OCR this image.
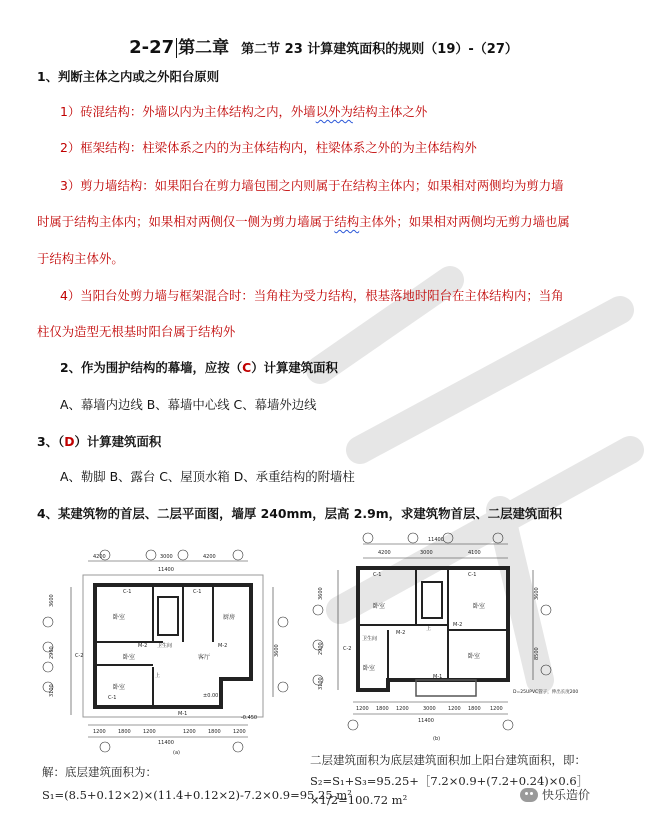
2-27 第二章 第二节 23 计算建筑面积的规则（19）-（27）
1、判断主体之内或之外阳台原则
1）砖混结构：外墙以内为主体结构之内，外墙以外为结构主体之外
2）框架结构：柱梁体系之内的为主体结构内，柱梁体系之外的为主体结构外
3）剪力墙结构：如果阳台在剪力墙包围之内则属于在结构主体内；如果相对两侧均为剪力墙
时属于结构主体内；如果相对两侧仅一侧为剪力墙属于结构主体外；如果相对两侧均无剪力墙也属
于结构主体外。
4）当阳台处剪力墙与框架混合时：当角柱为受力结构，根基落地时阳台在主体结构内；当角
柱仅为造型无根基时阳台属于结构外
2、作为围护结构的幕墙，应按（C）计算建筑面积
A、幕墙内边线 B、幕墙中心线 C、幕墙外边线
3、（D）计算建筑面积
A、勒脚 B、露台 C、屋顶水箱 D、承重结构的附墙柱
4、某建筑物的首层、二层平面图，墙厚 240mm，层高 2.9m，求建筑物首层、二层建筑面积
4200	3000	4200
11400
卧室
卧室
厨房
客厅
卧室
卫生间
C-1	C-1
C-1
C-2
M-1
M-2	M-2
上
±0.00
-0.450
3600
2900
3100
3600
1200 1800 1200	1200 1800 1200
11400
(a)
11400
4200	3000	4100
卧室	卧室
卧室
卧室
卫生间
C-1	C-1
C-2
M-2
M-2
M-1
上
3600
2900
3100
3600
8500
1200 1800 1200	3000 1200 1800 1200
11400
D=25UPVC管子，伸出长度200
(b)
解：底层建筑面积为：
S₁=(8.5+0.12×2)×(11.4+0.12×2)-7.2×0.9=95.25 m²
二层建筑面积为底层建筑面积加上阳台建筑面积，即：
S₂=S₁+S₃=95.25+［7.2×0.9+(7.2+0.24)×0.6］
×1/2=100.72 m²	快乐造价
